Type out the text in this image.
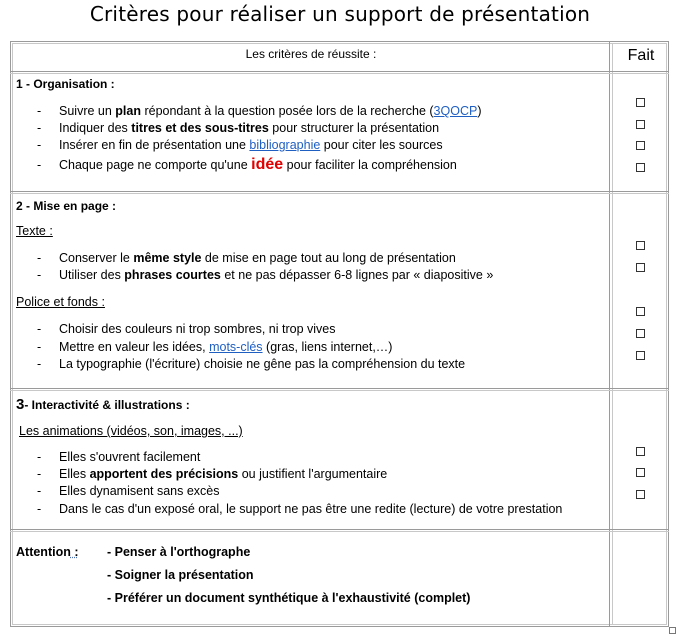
Critères pour réaliser un support de présentation
Les critères de réussite :	Fait
1 - Organisation :
- Suivre un plan répondant à la question posée lors de la recherche (3QOCP)
- Indiquer des titres et des sous-titres pour structurer la présentation
- Insérer en fin de présentation une bibliographie pour citer les sources
- Chaque page ne comporte qu'une idée pour faciliter la compréhension
2 - Mise en page :
Texte :
- Conserver le même style de mise en page tout au long de présentation
- Utiliser des phrases courtes et ne pas dépasser 6-8 lignes par « diapositive »
Police et fonds :
- Choisir des couleurs ni trop sombres, ni trop vives
- Mettre en valeur les idées, mots-clés (gras, liens internet,…)
- La typographie (l'écriture) choisie ne gêne pas la compréhension du texte
3- Interactivité & illustrations :
Les animations (vidéos, son, images, ...)
- Elles s'ouvrent facilement
- Elles apportent des précisions ou justifient l'argumentaire
- Elles dynamisent sans excès
- Dans le cas d'un exposé oral, le support ne pas être une redite (lecture) de votre prestation
Attention : - Penser à l'orthographe
- Soigner la présentation
- Préférer un document synthétique à l'exhaustivité (complet)
